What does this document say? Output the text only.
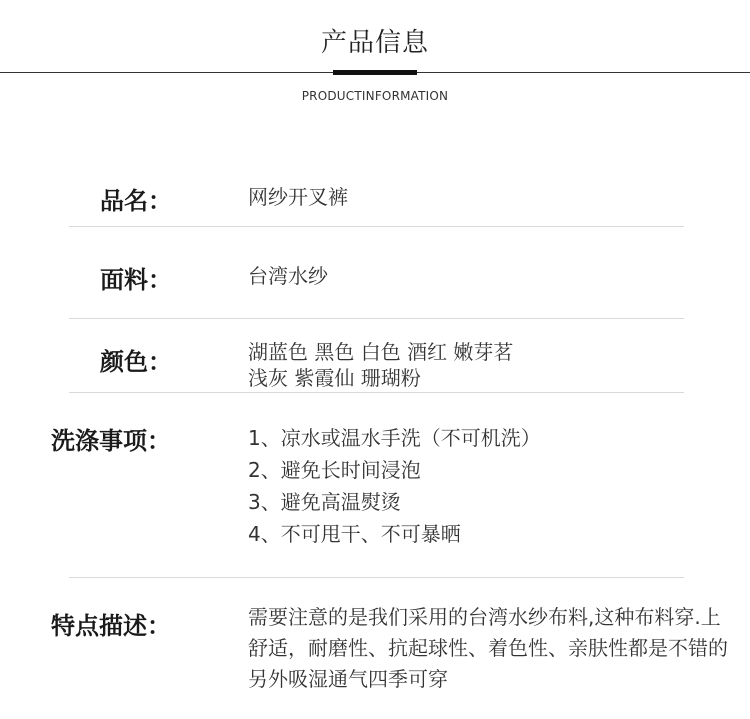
产品信息
PRODUCTINFORMATION
品名：	网纱开叉裤
面料：	台湾水纱
颜色：	湖蓝色 黑色 白色 酒红 嫩芽茗
浅灰 紫霞仙 珊瑚粉
洗涤事项：	1、凉水或温水手洗（不可机洗）
2、避免长时间浸泡
3、避免高温熨烫
4、不可甩干、不可暴晒
特点描述：	需要注意的是我们采用的台湾水纱布料,这种布料穿.上舒适，耐磨性、抗起球性、着色性、亲肤性都是不错的另外吸湿通气四季可穿
